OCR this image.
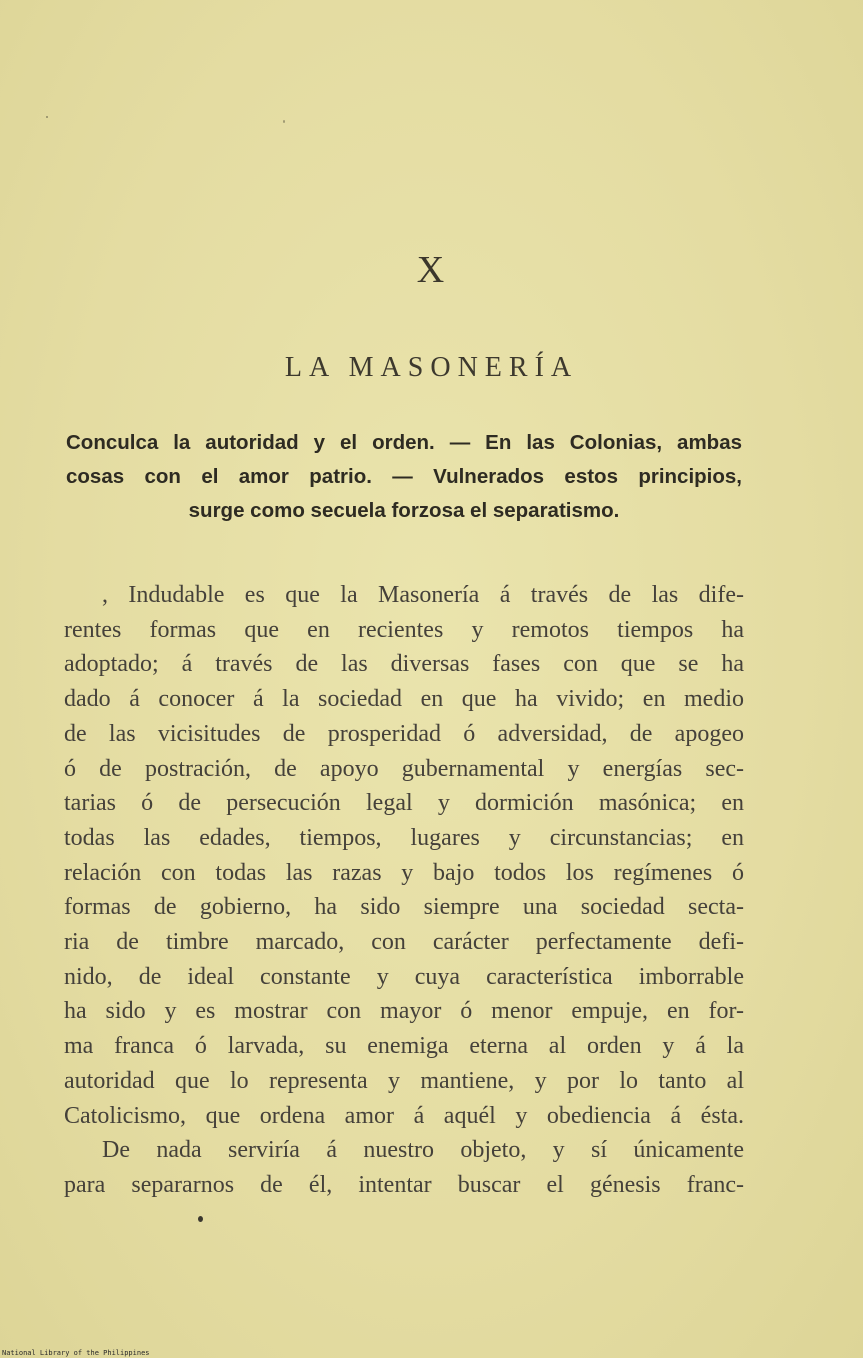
X
LA MASONERÍA
Conculca la autoridad y el orden. — En las Colonias, ambas
cosas con el amor patrio. — Vulnerados estos principios,
surge como secuela forzosa el separatismo.
, Indudable es que la Masonería á través de las dife-
rentes formas que en recientes y remotos tiempos ha
adoptado; á través de las diversas fases con que se ha
dado á conocer á la sociedad en que ha vivido; en medio
de las vicisitudes de prosperidad ó adversidad, de apogeo
ó de postración, de apoyo gubernamental y energías sec-
tarias ó de persecución legal y dormición masónica; en
todas las edades, tiempos, lugares y circunstancias; en
relación con todas las razas y bajo todos los regímenes ó
formas de gobierno, ha sido siempre una sociedad secta-
ria de timbre marcado, con carácter perfectamente defi-
nido, de ideal constante y cuya característica imborrable
ha sido y es mostrar con mayor ó menor empuje, en for-
ma franca ó larvada, su enemiga eterna al orden y á la
autoridad que lo representa y mantiene, y por lo tanto al
Catolicismo, que ordena amor á aquél y obediencia á ésta.
De nada serviría á nuestro objeto, y sí únicamente
para separarnos de él, intentar buscar el génesis franc-
National Library of the Philippines
